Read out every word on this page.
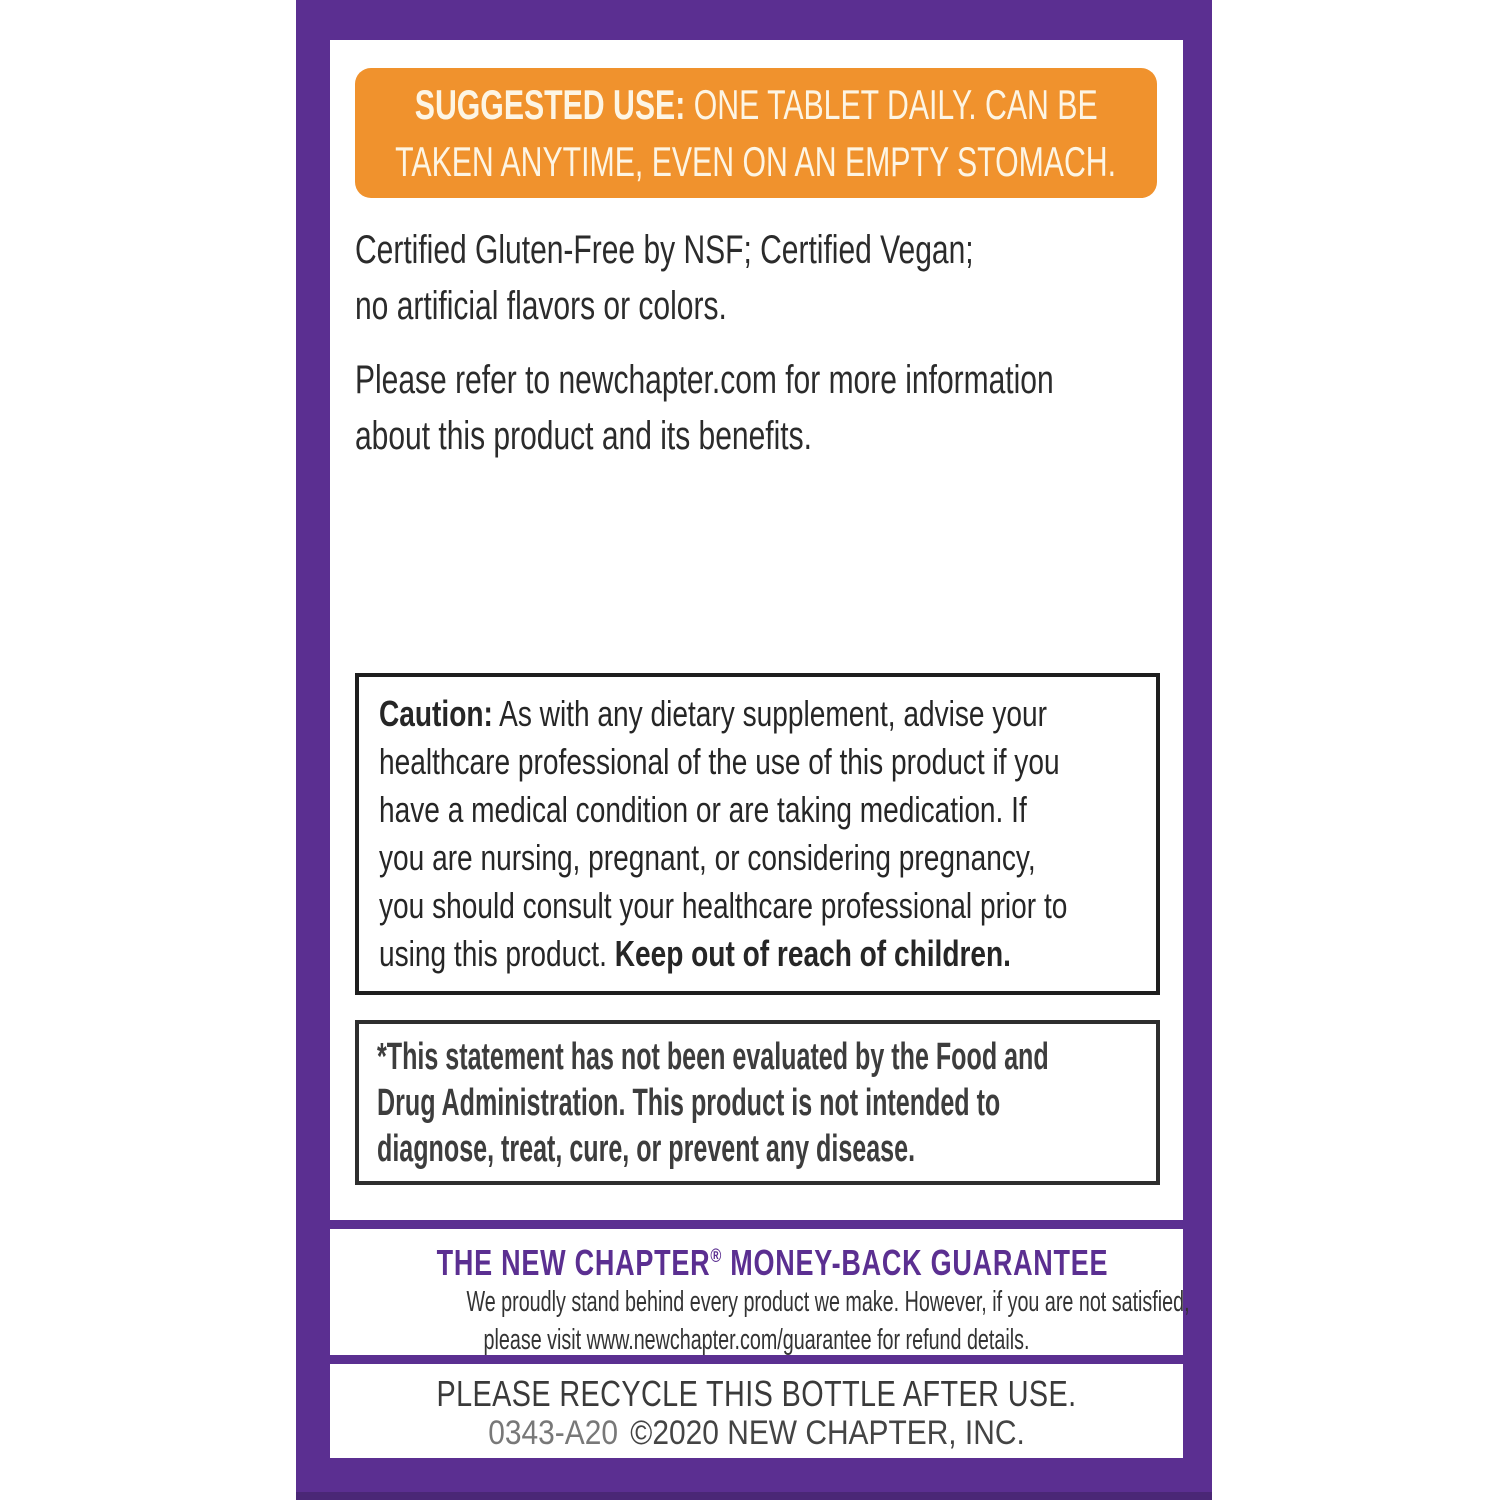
SUGGESTED USE: ONE TABLET DAILY. CAN BE
TAKEN ANYTIME, EVEN ON AN EMPTY STOMACH.
Certified Gluten-Free by NSF; Certified Vegan;
no artificial flavors or colors.
Please refer to newchapter.com for more information
about this product and its benefits.
Caution: As with any dietary supplement, advise your
healthcare professional of the use of this product if you
have a medical condition or are taking medication. If
you are nursing, pregnant, or considering pregnancy,
you should consult your healthcare professional prior to
using this product. Keep out of reach of children.
*This statement has not been evaluated by the Food and
Drug Administration. This product is not intended to
diagnose, treat, cure, or prevent any disease.
THE NEW CHAPTER® MONEY-BACK GUARANTEE
We proudly stand behind every product we make. However, if you are not satisfied,
please visit www.newchapter.com/guarantee for refund details.
PLEASE RECYCLE THIS BOTTLE AFTER USE.
0343-A20 ©2020 NEW CHAPTER, INC.
